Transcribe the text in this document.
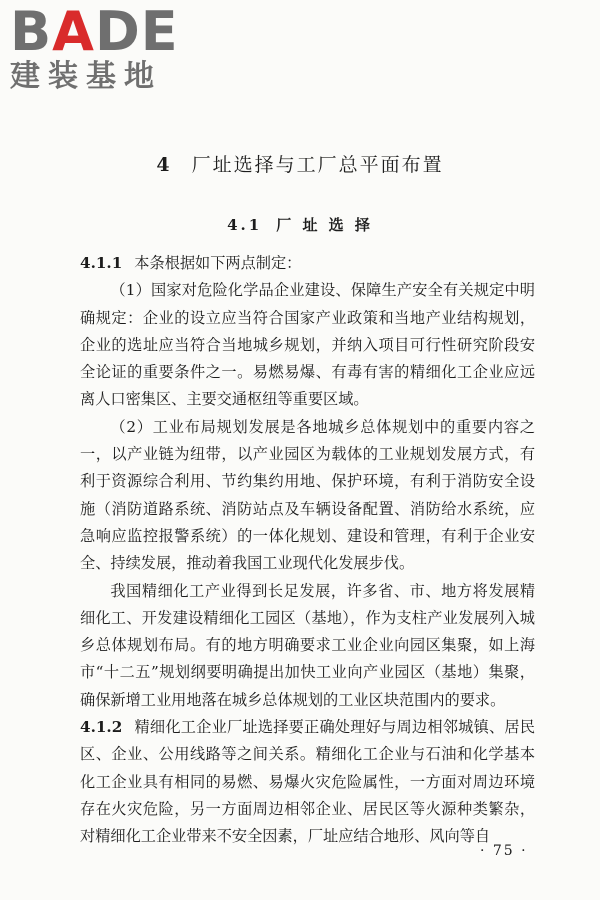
BADE
建装基地
4 厂址选择与工厂总平面布置
4.1 厂 址 选 择

4.1.1 本条根据如下两点制定：

（1）国家对危险化学品企业建设、保障生产安全有关规定中明确规定：企业的设立应当符合国家产业政策和当地产业结构规划，企业的选址应当符合当地城乡规划，并纳入项目可行性研究阶段安全论证的重要条件之一。易燃易爆、有毒有害的精细化工企业应远离人口密集区、主要交通枢纽等重要区域。

（2）工业布局规划发展是各地城乡总体规划中的重要内容之一，以产业链为纽带，以产业园区为载体的工业规划发展方式，有利于资源综合利用、节约集约用地、保护环境，有利于消防安全设施（消防道路系统、消防站点及车辆设备配置、消防给水系统，应急响应监控报警系统）的一体化规划、建设和管理，有利于企业安全、持续发展，推动着我国工业现代化发展步伐。

我国精细化工产业得到长足发展，许多省、市、地方将发展精细化工、开发建设精细化工园区（基地），作为支柱产业发展列入城乡总体规划布局。有的地方明确要求工业企业向园区集聚，如上海市“十二五”规划纲要明确提出加快工业向产业园区（基地）集聚，确保新增工业用地落在城乡总体规划的工业区块范围内的要求。

4.1.2 精细化工企业厂址选择要正确处理好与周边相邻城镇、居民区、企业、公用线路等之间关系。精细化工企业与石油和化学基本化工企业具有相同的易燃、易爆火灾危险属性，一方面对周边环境存在火灾危险，另一方面周边相邻企业、居民区等火源种类繁杂，对精细化工企业带来不安全因素，厂址应结合地形、风向等自

· 75 ·
